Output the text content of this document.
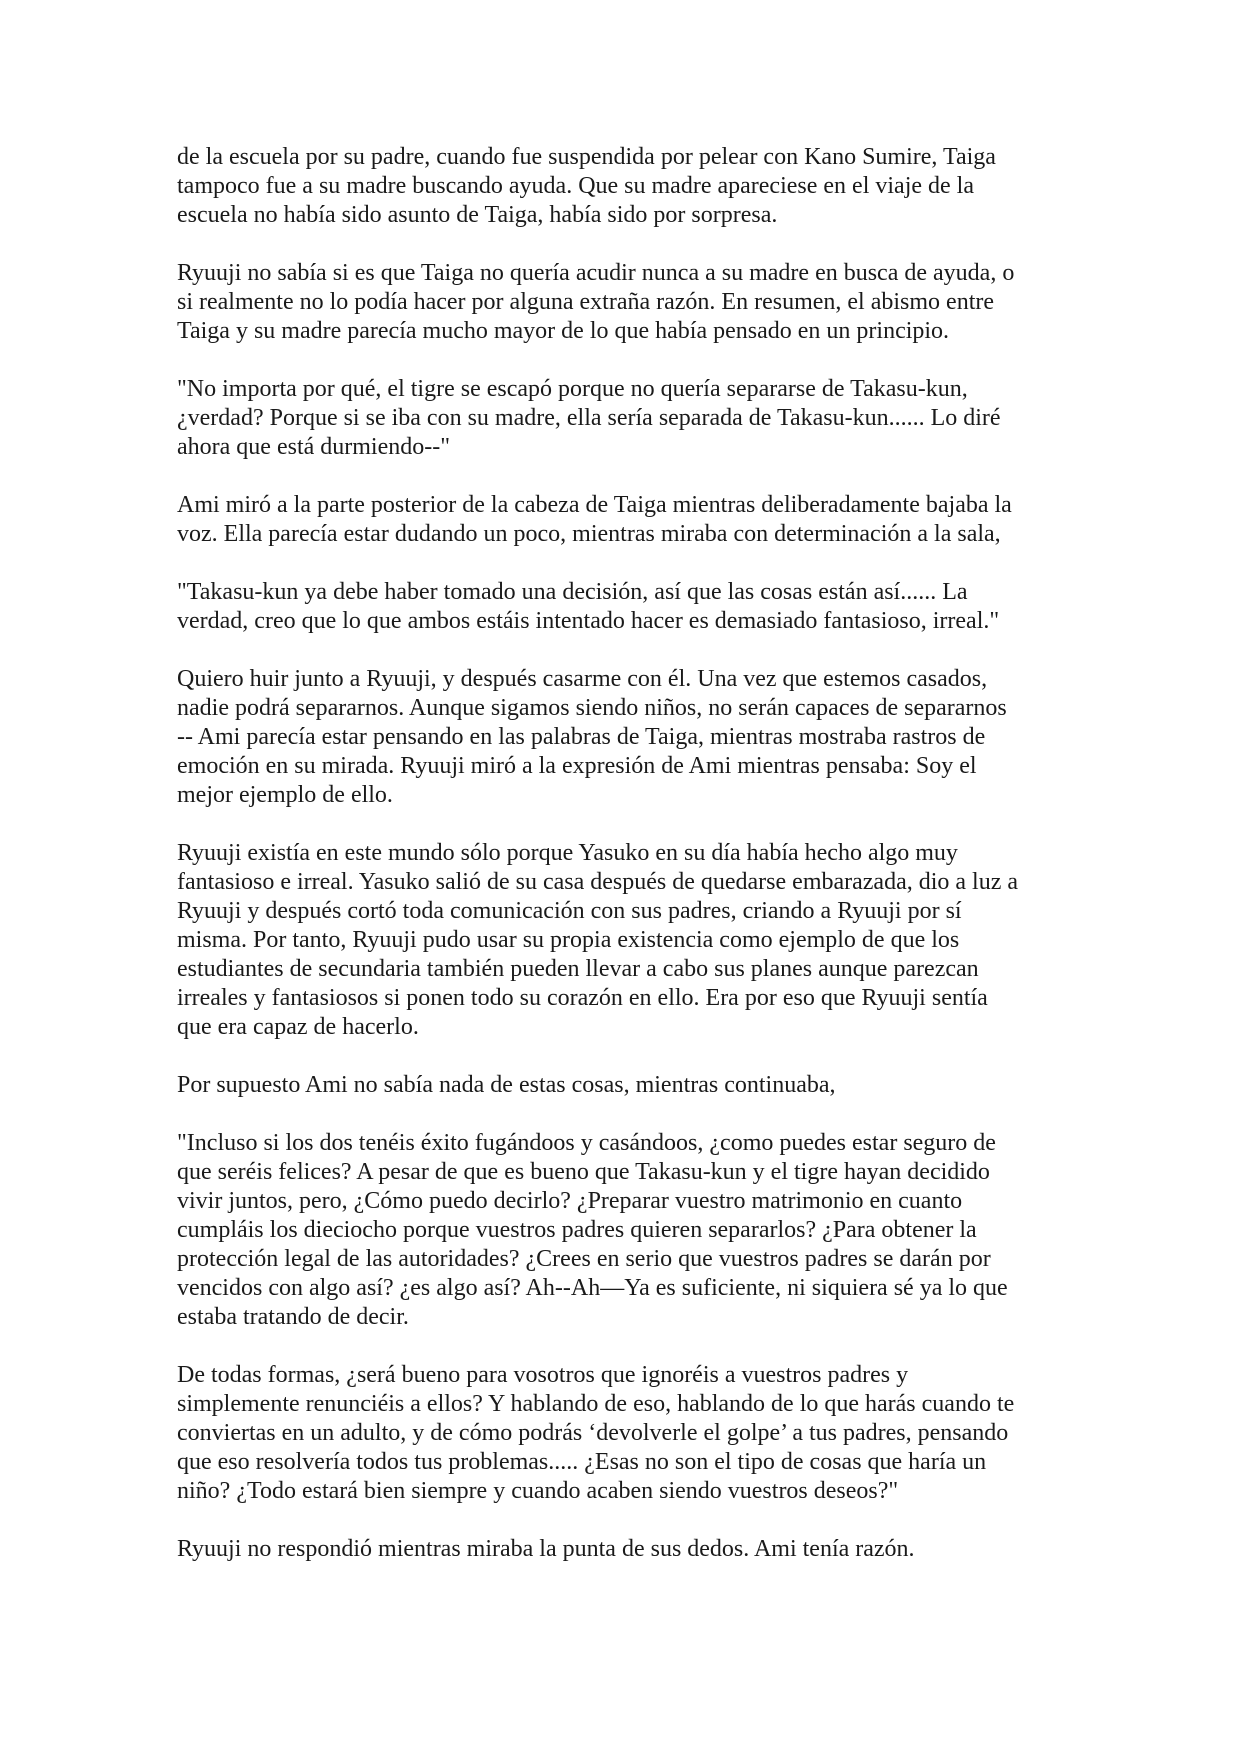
de la escuela por su padre, cuando fue suspendida por pelear con Kano Sumire, Taiga
tampoco fue a su madre buscando ayuda. Que su madre apareciese en el viaje de la
escuela no había sido asunto de Taiga, había sido por sorpresa.
Ryuuji no sabía si es que Taiga no quería acudir nunca a su madre en busca de ayuda, o
si realmente no lo podía hacer por alguna extraña razón. En resumen, el abismo entre
Taiga y su madre parecía mucho mayor de lo que había pensado en un principio.
"No importa por qué, el tigre se escapó porque no quería separarse de Takasu-kun,
¿verdad? Porque si se iba con su madre, ella sería separada de Takasu-kun...... Lo diré
ahora que está durmiendo--"
Ami miró a la parte posterior de la cabeza de Taiga mientras deliberadamente bajaba la
voz. Ella parecía estar dudando un poco, mientras miraba con determinación a la sala,
"Takasu-kun ya debe haber tomado una decisión, así que las cosas están así...... La
verdad, creo que lo que ambos estáis intentado hacer es demasiado fantasioso, irreal."
Quiero huir junto a Ryuuji, y después casarme con él. Una vez que estemos casados,
nadie podrá separarnos. Aunque sigamos siendo niños, no serán capaces de separarnos
-- Ami parecía estar pensando en las palabras de Taiga, mientras mostraba rastros de
emoción en su mirada. Ryuuji miró a la expresión de Ami mientras pensaba: Soy el
mejor ejemplo de ello.
Ryuuji existía en este mundo sólo porque Yasuko en su día había hecho algo muy
fantasioso e irreal. Yasuko salió de su casa después de quedarse embarazada, dio a luz a
Ryuuji y después cortó toda comunicación con sus padres, criando a Ryuuji por sí
misma. Por tanto, Ryuuji pudo usar su propia existencia como ejemplo de que los
estudiantes de secundaria también pueden llevar a cabo sus planes aunque parezcan
irreales y fantasiosos si ponen todo su corazón en ello. Era por eso que Ryuuji sentía
que era capaz de hacerlo.
Por supuesto Ami no sabía nada de estas cosas, mientras continuaba,
"Incluso si los dos tenéis éxito fugándoos y casándoos, ¿como puedes estar seguro de
que seréis felices? A pesar de que es bueno que Takasu-kun y el tigre hayan decidido
vivir juntos, pero, ¿Cómo puedo decirlo? ¿Preparar vuestro matrimonio en cuanto
cumpláis los dieciocho porque vuestros padres quieren separarlos? ¿Para obtener la
protección legal de las autoridades? ¿Crees en serio que vuestros padres se darán por
vencidos con algo así? ¿es algo así? Ah--Ah—Ya es suficiente, ni siquiera sé ya lo que
estaba tratando de decir.
De todas formas, ¿será bueno para vosotros que ignoréis a vuestros padres y
simplemente renunciéis a ellos? Y hablando de eso, hablando de lo que harás cuando te
conviertas en un adulto, y de cómo podrás ‘devolverle el golpe’ a tus padres, pensando
que eso resolvería todos tus problemas..... ¿Esas no son el tipo de cosas que haría un
niño? ¿Todo estará bien siempre y cuando acaben siendo vuestros deseos?"
Ryuuji no respondió mientras miraba la punta de sus dedos. Ami tenía razón.
